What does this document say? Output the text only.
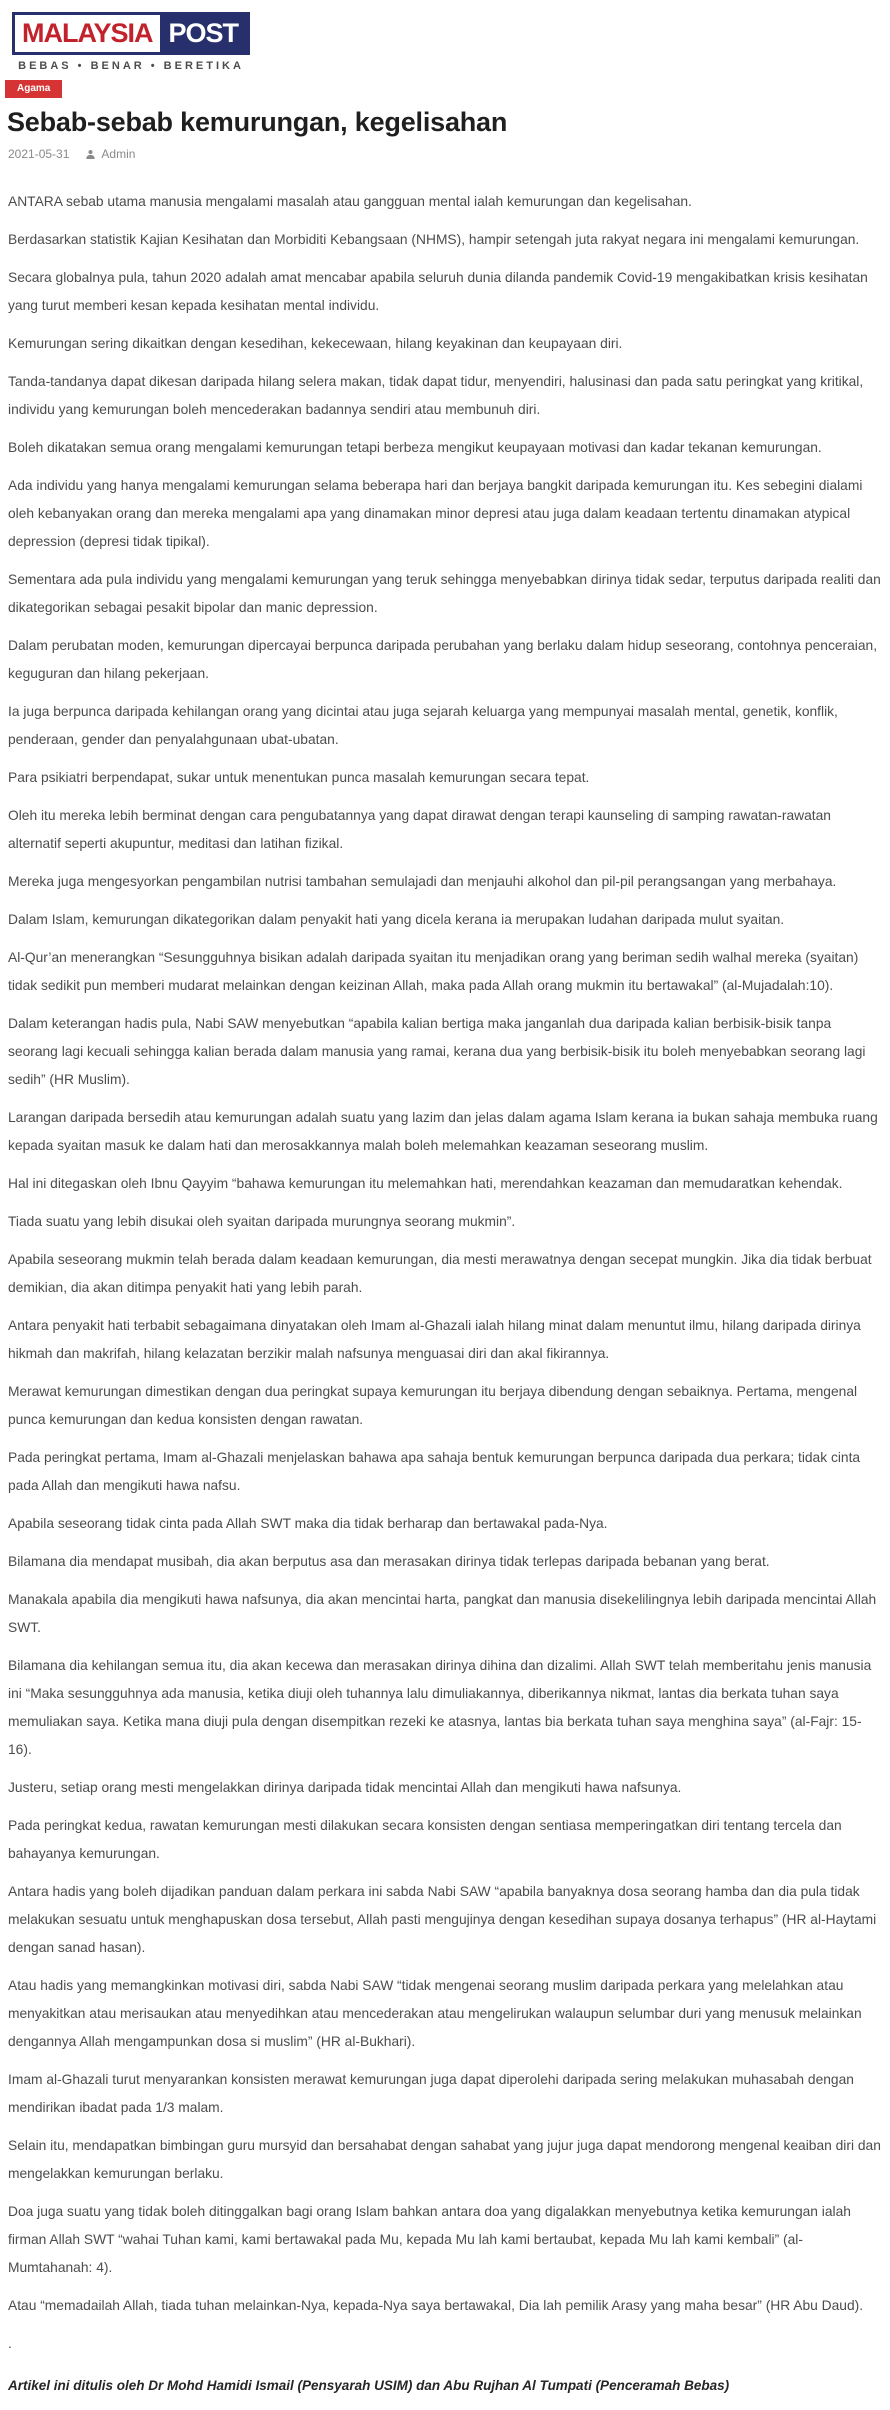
MALAYSIA POST
BEBAS • BENAR • BERETIKA
Agama
Sebab-sebab kemurungan, kegelisahan
2021-05-31	Admin

ANTARA sebab utama manusia mengalami masalah atau gangguan mental ialah kemurungan dan kegelisahan.

Berdasarkan statistik Kajian Kesihatan dan Morbiditi Kebangsaan (NHMS), hampir setengah juta rakyat negara ini mengalami kemurungan.

Secara globalnya pula, tahun 2020 adalah amat mencabar apabila seluruh dunia dilanda pandemik Covid-19 mengakibatkan krisis kesihatan yang turut memberi kesan kepada kesihatan mental individu.

Kemurungan sering dikaitkan dengan kesedihan, kekecewaan, hilang keyakinan dan keupayaan diri.

Tanda-tandanya dapat dikesan daripada hilang selera makan, tidak dapat tidur, menyendiri, halusinasi dan pada satu peringkat yang kritikal, individu yang kemurungan boleh mencederakan badannya sendiri atau membunuh diri.

Boleh dikatakan semua orang mengalami kemurungan tetapi berbeza mengikut keupayaan motivasi dan kadar tekanan kemurungan.

Ada individu yang hanya mengalami kemurungan selama beberapa hari dan berjaya bangkit daripada kemurungan itu. Kes sebegini dialami oleh kebanyakan orang dan mereka mengalami apa yang dinamakan minor depresi atau juga dalam keadaan tertentu dinamakan atypical depression (depresi tidak tipikal).

Sementara ada pula individu yang mengalami kemurungan yang teruk sehingga menyebabkan dirinya tidak sedar, terputus daripada realiti dan dikategorikan sebagai pesakit bipolar dan manic depression.

Dalam perubatan moden, kemurungan dipercayai berpunca daripada perubahan yang berlaku dalam hidup seseorang, contohnya penceraian, keguguran dan hilang pekerjaan.

Ia juga berpunca daripada kehilangan orang yang dicintai atau juga sejarah keluarga yang mempunyai masalah mental, genetik, konflik, penderaan, gender dan penyalahgunaan ubat-ubatan.

Para psikiatri berpendapat, sukar untuk menentukan punca masalah kemurungan secara tepat.

Oleh itu mereka lebih berminat dengan cara pengubatannya yang dapat dirawat dengan terapi kaunseling di samping rawatan-rawatan alternatif seperti akupuntur, meditasi dan latihan fizikal.

Mereka juga mengesyorkan pengambilan nutrisi tambahan semulajadi dan menjauhi alkohol dan pil-pil perangsangan yang merbahaya.

Dalam Islam, kemurungan dikategorikan dalam penyakit hati yang dicela kerana ia merupakan ludahan daripada mulut syaitan.

Al-Qur’an menerangkan “Sesungguhnya bisikan adalah daripada syaitan itu menjadikan orang yang beriman sedih walhal mereka (syaitan) tidak sedikit pun memberi mudarat melainkan dengan keizinan Allah, maka pada Allah orang mukmin itu bertawakal” (al-Mujadalah:10).

Dalam keterangan hadis pula, Nabi SAW menyebutkan “apabila kalian bertiga maka janganlah dua daripada kalian berbisik-bisik tanpa seorang lagi kecuali sehingga kalian berada dalam manusia yang ramai, kerana dua yang berbisik-bisik itu boleh menyebabkan seorang lagi sedih” (HR Muslim).

Larangan daripada bersedih atau kemurungan adalah suatu yang lazim dan jelas dalam agama Islam kerana ia bukan sahaja membuka ruang kepada syaitan masuk ke dalam hati dan merosakkannya malah boleh melemahkan keazaman seseorang muslim.

Hal ini ditegaskan oleh Ibnu Qayyim “bahawa kemurungan itu melemahkan hati, merendahkan keazaman dan memudaratkan kehendak.

Tiada suatu yang lebih disukai oleh syaitan daripada murungnya seorang mukmin”.

Apabila seseorang mukmin telah berada dalam keadaan kemurungan, dia mesti merawatnya dengan secepat mungkin. Jika dia tidak berbuat demikian, dia akan ditimpa penyakit hati yang lebih parah.

Antara penyakit hati terbabit sebagaimana dinyatakan oleh Imam al-Ghazali ialah hilang minat dalam menuntut ilmu, hilang daripada dirinya hikmah dan makrifah, hilang kelazatan berzikir malah nafsunya menguasai diri dan akal fikirannya.

Merawat kemurungan dimestikan dengan dua peringkat supaya kemurungan itu berjaya dibendung dengan sebaiknya. Pertama, mengenal punca kemurungan dan kedua konsisten dengan rawatan.

Pada peringkat pertama, Imam al-Ghazali menjelaskan bahawa apa sahaja bentuk kemurungan berpunca daripada dua perkara; tidak cinta pada Allah dan mengikuti hawa nafsu.

Apabila seseorang tidak cinta pada Allah SWT maka dia tidak berharap dan bertawakal pada-Nya.

Bilamana dia mendapat musibah, dia akan berputus asa dan merasakan dirinya tidak terlepas daripada bebanan yang berat.

Manakala apabila dia mengikuti hawa nafsunya, dia akan mencintai harta, pangkat dan manusia disekelilingnya lebih daripada mencintai Allah SWT.

Bilamana dia kehilangan semua itu, dia akan kecewa dan merasakan dirinya dihina dan dizalimi. Allah SWT telah memberitahu jenis manusia ini “Maka sesungguhnya ada manusia, ketika diuji oleh tuhannya lalu dimuliakannya, diberikannya nikmat, lantas dia berkata tuhan saya memuliakan saya. Ketika mana diuji pula dengan disempitkan rezeki ke atasnya, lantas bia berkata tuhan saya menghina saya” (al-Fajr: 15-16).

Justeru, setiap orang mesti mengelakkan dirinya daripada tidak mencintai Allah dan mengikuti hawa nafsunya.

Pada peringkat kedua, rawatan kemurungan mesti dilakukan secara konsisten dengan sentiasa memperingatkan diri tentang tercela dan bahayanya kemurungan.

Antara hadis yang boleh dijadikan panduan dalam perkara ini sabda Nabi SAW “apabila banyaknya dosa seorang hamba dan dia pula tidak melakukan sesuatu untuk menghapuskan dosa tersebut, Allah pasti mengujinya dengan kesedihan supaya dosanya terhapus” (HR al-Haytami dengan sanad hasan).

Atau hadis yang memangkinkan motivasi diri, sabda Nabi SAW “tidak mengenai seorang muslim daripada perkara yang melelahkan atau menyakitkan atau merisaukan atau menyedihkan atau mencederakan atau mengelirukan walaupun selumbar duri yang menusuk melainkan dengannya Allah mengampunkan dosa si muslim” (HR al-Bukhari).

Imam al-Ghazali turut menyarankan konsisten merawat kemurungan juga dapat diperolehi daripada sering melakukan muhasabah dengan mendirikan ibadat pada 1/3 malam.

Selain itu, mendapatkan bimbingan guru mursyid dan bersahabat dengan sahabat yang jujur juga dapat mendorong mengenal keaiban diri dan mengelakkan kemurungan berlaku.

Doa juga suatu yang tidak boleh ditinggalkan bagi orang Islam bahkan antara doa yang digalakkan menyebutnya ketika kemurungan ialah firman Allah SWT “wahai Tuhan kami, kami bertawakal pada Mu, kepada Mu lah kami bertaubat, kepada Mu lah kami kembali” (al-Mumtahanah: 4).

Atau “memadailah Allah, tiada tuhan melainkan-Nya, kepada-Nya saya bertawakal, Dia lah pemilik Arasy yang maha besar” (HR Abu Daud).

.

Artikel ini ditulis oleh Dr Mohd Hamidi Ismail (Pensyarah USIM) dan Abu Rujhan Al Tumpati (Penceramah Bebas)
